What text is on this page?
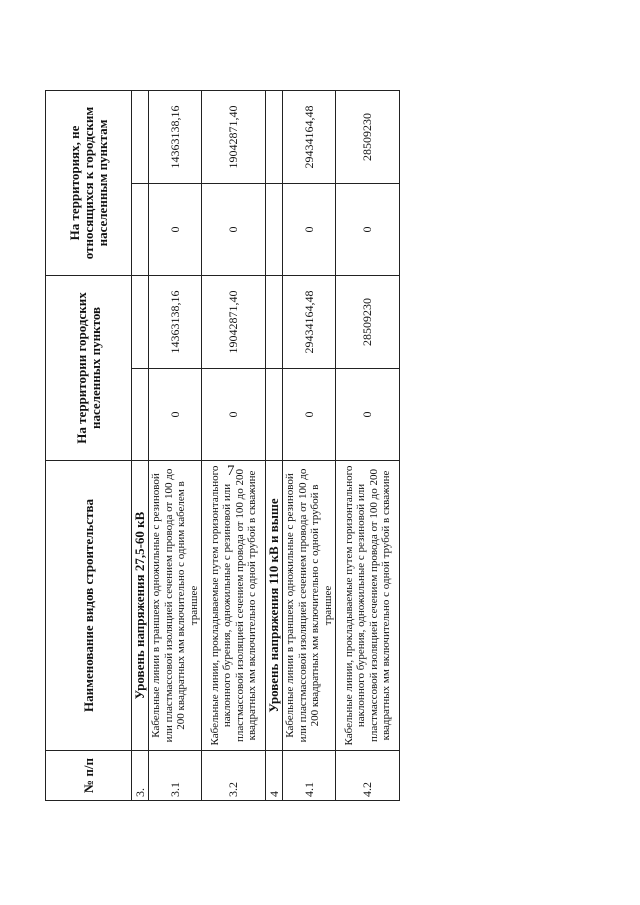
7
№ п/п	Наименование видов строительства	На территории городских населенных пунктов		На территориях, не относящихся к городским населенным пунктам	
3.	Уровень напряжения 27,5-60 кВ				
3.1	Кабельные линии в траншеях одножильные с резиновой или пластмассовой изоляцией сечением провода от 100 до 200 квадратных мм включительно с одним кабелем в траншее	0	14363138,16	0	14363138,16
3.2	Кабельные линии, прокладываемые путем горизонтального наклонного бурения, одножильные с резиновой или пластмассовой изоляцией сечением провода от 100 до 200 квадратных мм включительно с одной трубой в скважине	0	19042871,40	0	19042871,40
4	Уровень напряжения 110 кВ и выше				
4.1	Кабельные линии в траншеях одножильные с резиновой или пластмассовой изоляцией сечением провода от 100 до 200 квадратных мм включительно с одной трубой в траншее	0	29434164,48	0	29434164,48
4.2	Кабельные линии, прокладываемые путем горизонтального наклонного бурения, одножильные с резиновой или пластмассовой изоляцией сечением провода от 100 до 200 квадратных мм включительно с одной трубой в скважине	0	28509230	0	28509230
